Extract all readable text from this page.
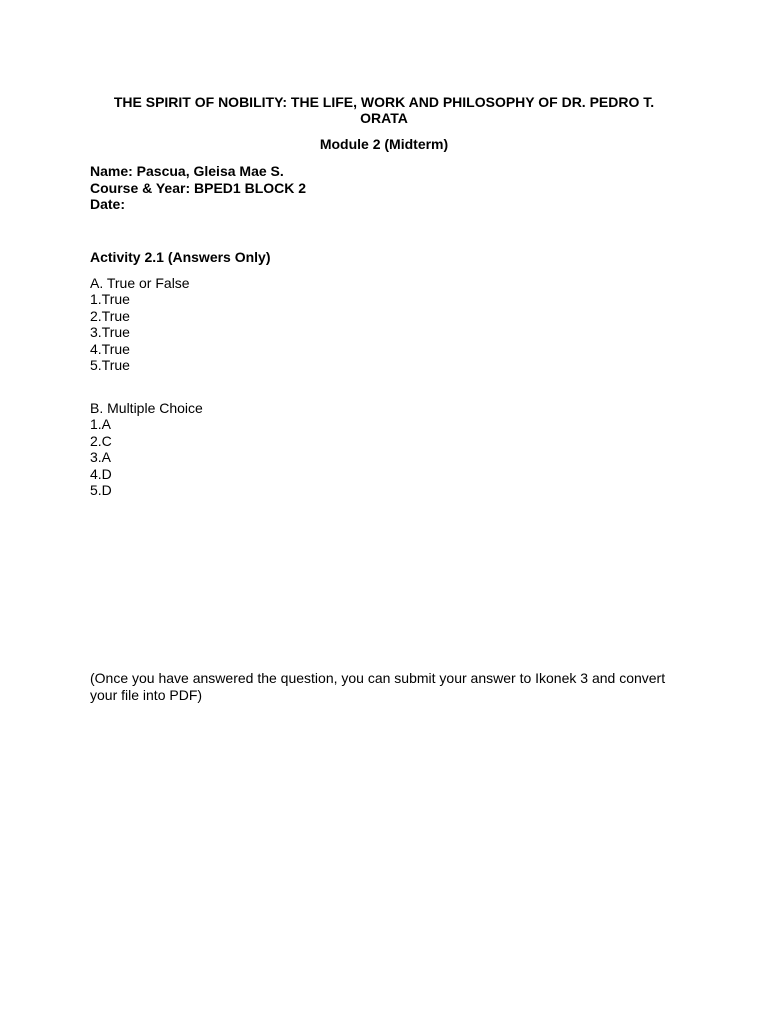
THE SPIRIT OF NOBILITY: THE LIFE, WORK AND PHILOSOPHY OF DR. PEDRO T. ORATA
Module 2 (Midterm)
Name: Pascua, Gleisa Mae S.
Course & Year: BPED1 BLOCK 2
Date:
Activity 2.1 (Answers Only)
A. True or False
1.True
2.True
3.True
4.True
5.True
B. Multiple Choice
1.A
2.C
3.A
4.D
5.D
(Once you have answered the question, you can submit your answer to Ikonek 3 and convert your file into PDF)
